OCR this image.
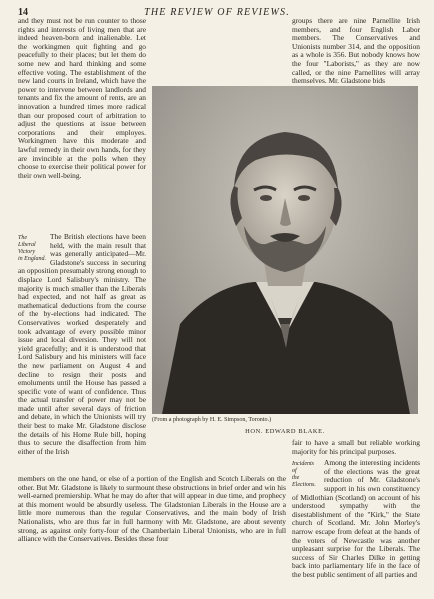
14	THE REVIEW OF REVIEWS.

and they must not be run counter to those rights and interests of living men that are indeed heaven-born and inalienable. Let the workingmen quit fighting and go peacefully to their places; but let them do some new and hard thinking and some effective voting. The establishment of the new land courts in Ireland, which have the power to intervene between landlords and tenants and fix the amount of rents, are an innovation a hundred times more radical than our proposed court of arbitration to adjust the questions at issue between corporations and their employes. Workingmen have this moderate and lawful remedy in their own hands, for they are invincible at the polls when they choose to exercise their political power for their own well-being.

The Liberal
Victory
in England.
The British elections have been held, with the main result that was generally anticipated—Mr. Gladstone's success in securing an opposition presumably strong enough to displace Lord Salisbury's ministry. The majority is much smaller than the Liberals had expected, and not half as great as mathematical deductions from the course of the by-elections had indicated. The Conservatives worked desperately and took advantage of every possible minor issue and local diversion. They will not yield gracefully; and it is understood that Lord Salisbury and his ministers will face the new parliament on August 4 and decline to resign their posts and emoluments until the House has passed a specific vote of want of confidence. Thus the actual transfer of power may not be made until after several days of friction and debate, in which the Unionists will try their best to make Mr. Gladstone disclose the details of his Home Rule bill, hoping thus to secure the disaffection from him either of the Irish

members on the one hand, or else of a portion of the English and Scotch Liberals on the other. But Mr. Gladstone is likely to surmount these obstructions in brief order and win his well-earned premiership. What he may do after that will appear in due time, and prophecy at this moment would be absurdly useless. The Gladstonian Liberals in the House are a little more numerous than the regular Conservatives, and the main body of Irish Nationalists, who are thus far in full harmony with Mr. Gladstone, are about seventy strong, as against only forty-four of the Chamberlain Liberal Unionists, who are in full alliance with the Conservatives. Besides these four

groups there are nine Parnellite Irish members, and four English Labor members. The Conservatives and Unionists number 314, and the opposition as a whole is 356. But nobody knows how the four "Laborists," as they are now called, or the nine Parnellites will array themselves. Mr. Gladstone bids

(From a photograph by H. E. Simpson, Toronto.)
HON. EDWARD BLAKE.

fair to have a small but reliable working majority for his principal purposes.

Incidents of
the
Elections.
Among the interesting incidents of the elections was the great reduction of Mr. Gladstone's support in his own constituency of Midlothian (Scotland) on account of his understood sympathy with the disestablishment of the "Kirk," the State church of Scotland. Mr. John Morley's narrow escape from defeat at the hands of the voters of Newcastle was another unpleasant surprise for the Liberals. The success of Sir Charles Dilke in getting back into parliamentary life in the face of the best public sentiment of all parties and
